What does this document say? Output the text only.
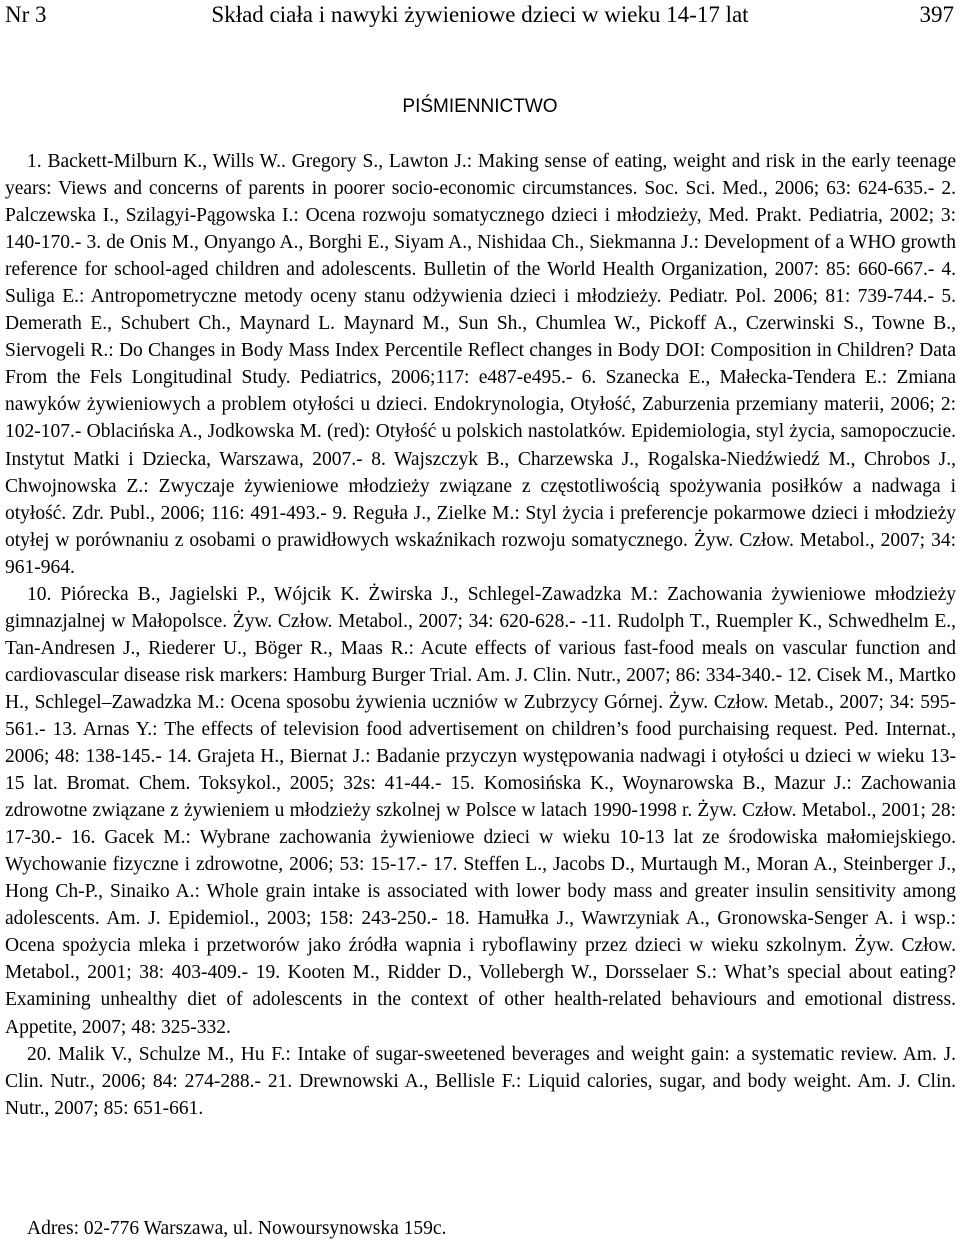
Nr 3	Skład ciała i nawyki żywieniowe dzieci w wieku 14-17 lat	397
PIŚMIENNICTWO

1. Backett-Milburn K., Wills W.. Gregory S., Lawton J.: Making sense of eating, weight and risk in the early teenage years: Views and concerns of parents in poorer socio-economic circumstances. Soc. Sci. Med., 2006; 63: 624-635.- 2. Palczewska I., Szilagyi-Pągowska I.: Ocena rozwoju somatycznego dzieci i młodzieży, Med. Prakt. Pediatria, 2002; 3: 140-170.- 3. de Onis M., Onyango A., Borghi E., Siyam A., Nishidaa Ch., Siekmanna J.: Development of a WHO growth reference for school-aged children and adolescents. Bulletin of the World Health Organization, 2007: 85: 660-667.- 4. Suliga E.: Antropometryczne metody oceny stanu odżywienia dzieci i młodzieży. Pediatr. Pol. 2006; 81: 739-744.- 5. Demerath E., Schubert Ch., Maynard L. Maynard M., Sun Sh., Chumlea W., Pickoff A., Czerwinski S., Towne B., Siervogeli R.: Do Changes in Body Mass Index Percentile Reflect changes in Body DOI: Composition in Children? Data From the Fels Longitudinal Study. Pediatrics, 2006;117: e487-e495.- 6. Szanecka E., Małecka-Tendera E.: Zmiana nawyków żywieniowych a problem otyłości u dzieci. Endokrynologia, Otyłość, Zaburzenia przemiany materii, 2006; 2: 102-107.- Oblacińska A., Jodkowska M. (red): Otyłość u polskich nastolatków. Epidemiologia, styl życia, samopoczucie. Instytut Matki i Dziecka, Warszawa, 2007.- 8. Wajszczyk B., Charzewska J., Rogalska-Niedźwiedź M., Chrobos J., Chwojnowska Z.: Zwyczaje żywieniowe młodzieży związane z częstotliwością spożywania posiłków a nadwaga i otyłość. Zdr. Publ., 2006; 116: 491-493.- 9. Reguła J., Zielke M.: Styl życia i preferencje pokarmowe dzieci i młodzieży otyłej w porównaniu z osobami o prawidłowych wskaźnikach rozwoju somatycznego. Żyw. Człow. Metabol., 2007; 34: 961-964.

10. Piórecka B., Jagielski P., Wójcik K. Żwirska J., Schlegel-Zawadzka M.: Zachowania żywieniowe młodzieży gimnazjalnej w Małopolsce. Żyw. Człow. Metabol., 2007; 34: 620-628.- -11. Rudolph T., Ruempler K., Schwedhelm E., Tan-Andresen J., Riederer U., Böger R., Maas R.: Acute effects of various fast-food meals on vascular function and cardiovascular disease risk markers: Hamburg Burger Trial. Am. J. Clin. Nutr., 2007; 86: 334-340.- 12. Cisek M., Martko H., Schlegel–Zawadzka M.: Ocena sposobu żywienia uczniów w Zubrzycy Górnej. Żyw. Człow. Metab., 2007; 34: 595-561.- 13. Arnas Y.: The effects of television food advertisement on children’s food purchaising request. Ped. Internat., 2006; 48: 138-145.- 14. Grajeta H., Biernat J.: Badanie przyczyn występowania nadwagi i otyłości u dzieci w wieku 13-15 lat. Bromat. Chem. Toksykol., 2005; 32s: 41-44.- 15. Komosińska K., Woynarowska B., Mazur J.: Zachowania zdrowotne związane z żywieniem u młodzieży szkolnej w Polsce w latach 1990-1998 r. Żyw. Człow. Metabol., 2001; 28: 17-30.- 16. Gacek M.: Wybrane zachowania żywieniowe dzieci w wieku 10-13 lat ze środowiska małomiejskiego. Wychowanie fizyczne i zdrowotne, 2006; 53: 15-17.- 17. Steffen L., Jacobs D., Murtaugh M., Moran A., Steinberger J., Hong Ch-P., Sinaiko A.: Whole grain intake is associated with lower body mass and greater insulin sensitivity among adolescents. Am. J. Epidemiol., 2003; 158: 243-250.- 18. Hamułka J., Wawrzyniak A., Gronowska-Senger A. i wsp.: Ocena spożycia mleka i przetworów jako źródła wapnia i ryboflawiny przez dzieci w wieku szkolnym. Żyw. Człow. Metabol., 2001; 38: 403-409.- 19. Kooten M., Ridder D., Vollebergh W., Dorsselaer S.: What’s special about eating? Examining unhealthy diet of adolescents in the context of other health-related behaviours and emotional distress. Appetite, 2007; 48: 325-332.

20. Malik V., Schulze M., Hu F.: Intake of sugar-sweetened beverages and weight gain: a systematic review. Am. J. Clin. Nutr., 2006; 84: 274-288.- 21. Drewnowski A., Bellisle F.: Liquid calories, sugar, and body weight. Am. J. Clin. Nutr., 2007; 85: 651-661.

Adres: 02-776 Warszawa, ul. Nowoursynowska 159c.
